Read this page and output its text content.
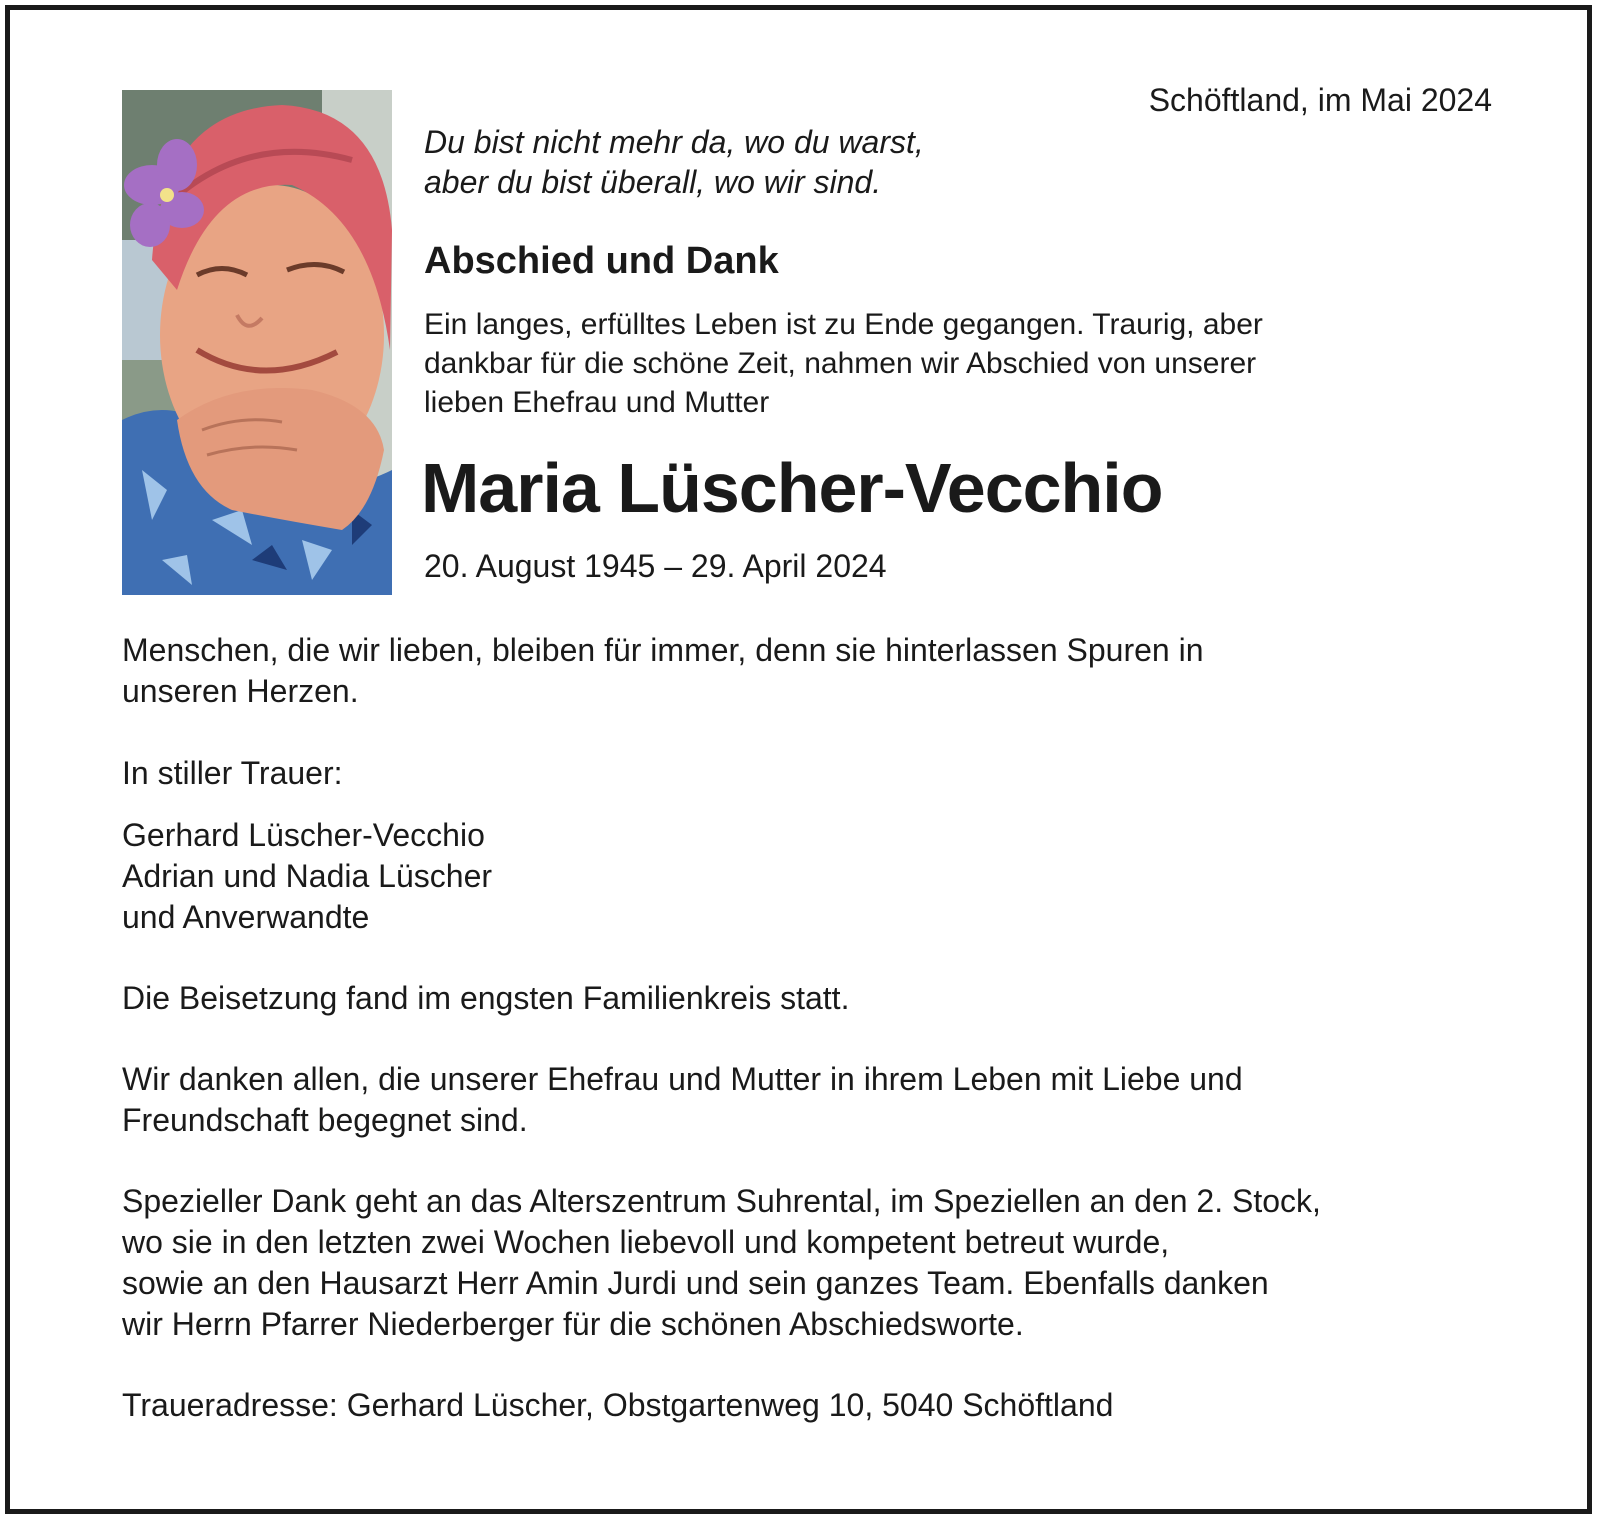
Schöftland, im Mai 2024
Du bist nicht mehr da, wo du warst,
aber du bist überall, wo wir sind.
Abschied und Dank
Ein langes, erfülltes Leben ist zu Ende gegangen. Traurig, aber
dankbar für die schöne Zeit, nahmen wir Abschied von unserer
lieben Ehefrau und Mutter
Maria Lüscher-Vecchio
20. August 1945 – 29. April 2024
Menschen, die wir lieben, bleiben für immer, denn sie hinterlassen Spuren in
unseren Herzen.
In stiller Trauer:
Gerhard Lüscher-Vecchio
Adrian und Nadia Lüscher
und Anverwandte
Die Beisetzung fand im engsten Familienkreis statt.
Wir danken allen, die unserer Ehefrau und Mutter in ihrem Leben mit Liebe und
Freundschaft begegnet sind.
Spezieller Dank geht an das Alterszentrum Suhrental, im Speziellen an den 2. Stock,
wo sie in den letzten zwei Wochen liebevoll und kompetent betreut wurde,
sowie an den Hausarzt Herr Amin Jurdi und sein ganzes Team. Ebenfalls danken
wir Herrn Pfarrer Niederberger für die schönen Abschiedsworte.
Traueradresse: Gerhard Lüscher, Obstgartenweg 10, 5040 Schöftland
